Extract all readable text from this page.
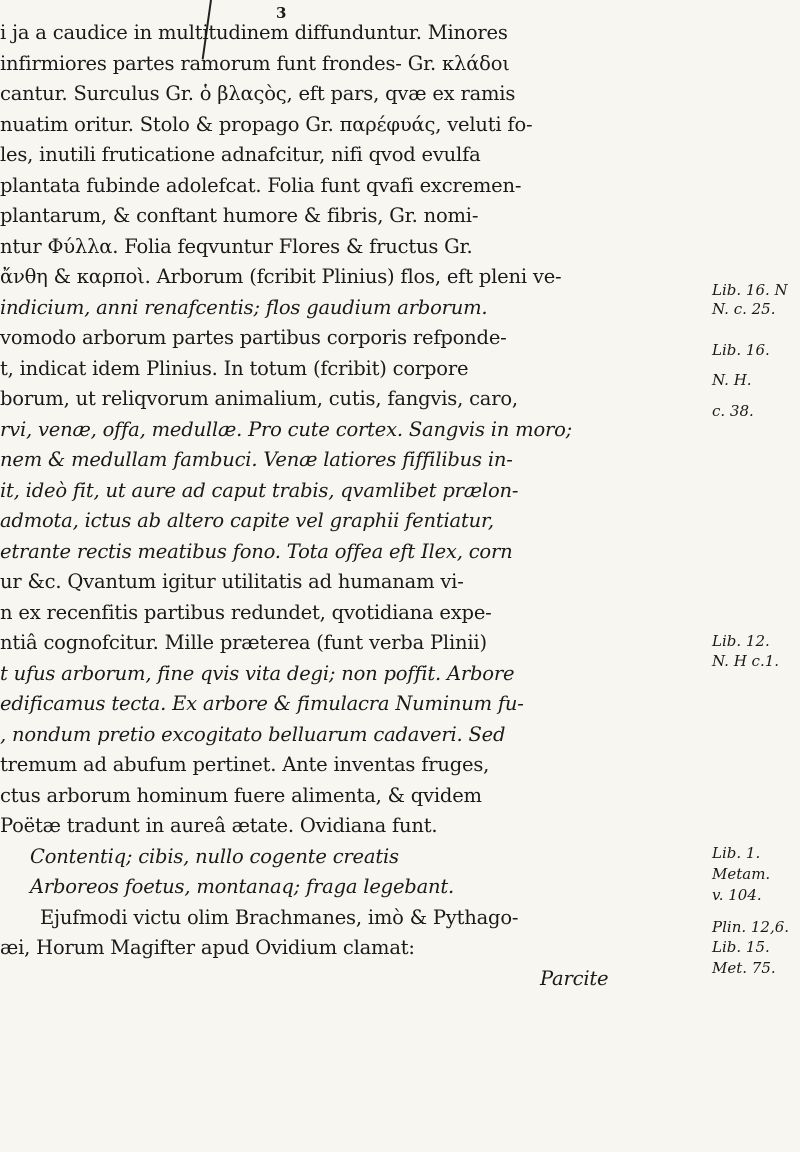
3
i ja a caudice in multitudinem diffunduntur. Minores
infirmiores partes ramorum funt frondes- Gr. κλάδοι
cantur. Surculus Gr. ὁ βλαςὸς, eft pars, qvæ ex ramis
nuatim oritur. Stolo & propago Gr. παρέφυάς, veluti fo-
les, inutili fruticatione adnafcitur, nifi qvod evulfa
plantata fubinde adolefcat. Folia funt qvafi excremen-
plantarum, & conftant humore & fibris, Gr. nomi-
ntur Φύλλα. Folia feqvuntur Flores & fructus Gr.
ἄνθη & καρποὶ. Arborum (fcribit Plinius) flos, eft pleni ve-
indicium, anni renafcentis; flos gaudium arborum.
vomodo arborum partes partibus corporis refponde-
t, indicat idem Plinius. In totum (fcribit) corpore
borum, ut reliqvorum animalium, cutis, fangvis, caro,
rvi, venæ, offa, medullæ. Pro cute cortex. Sangvis in moro;
nem & medullam fambuci. Venæ latiores fiffilibus in-
it, ideò fit, ut aure ad caput trabis, qvamlibet prælon-
admota, ictus ab altero capite vel graphii fentiatur,
etrante rectis meatibus fono. Tota offea eft Ilex, corn
ur &c. Qvantum igitur utilitatis ad humanam vi-
n ex recenfitis partibus redundet, qvotidiana expe-
ntiâ cognofcitur. Mille præterea (funt verba Plinii)
t ufus arborum, fine qvis vita degi; non poffit. Arbore
edificamus tecta. Ex arbore & fimulacra Numinum fu-
, nondum pretio excogitato belluarum cadaveri. Sed
tremum ad abufum pertinet. Ante inventas fruges,
ctus arborum hominum fuere alimenta, & qvidem
Poëtæ tradunt in aureâ ætate. Ovidiana funt.
Contentiq; cibis, nullo cogente creatis
Arboreos foetus, montanaq; fraga legebant.
Ejufmodi victu olim Brachmanes, imò & Pythago-
æi, Horum Magifter apud Ovidium clamat:
Parcite
Lib. 16. N
N. c. 25.
Lib. 16.
N. H.
c. 38.
Lib. 12.
N. H c.1.
Lib. 1.
Metam.
v. 104.
Plin. 12,6.
Lib. 15.
Met. 75.
